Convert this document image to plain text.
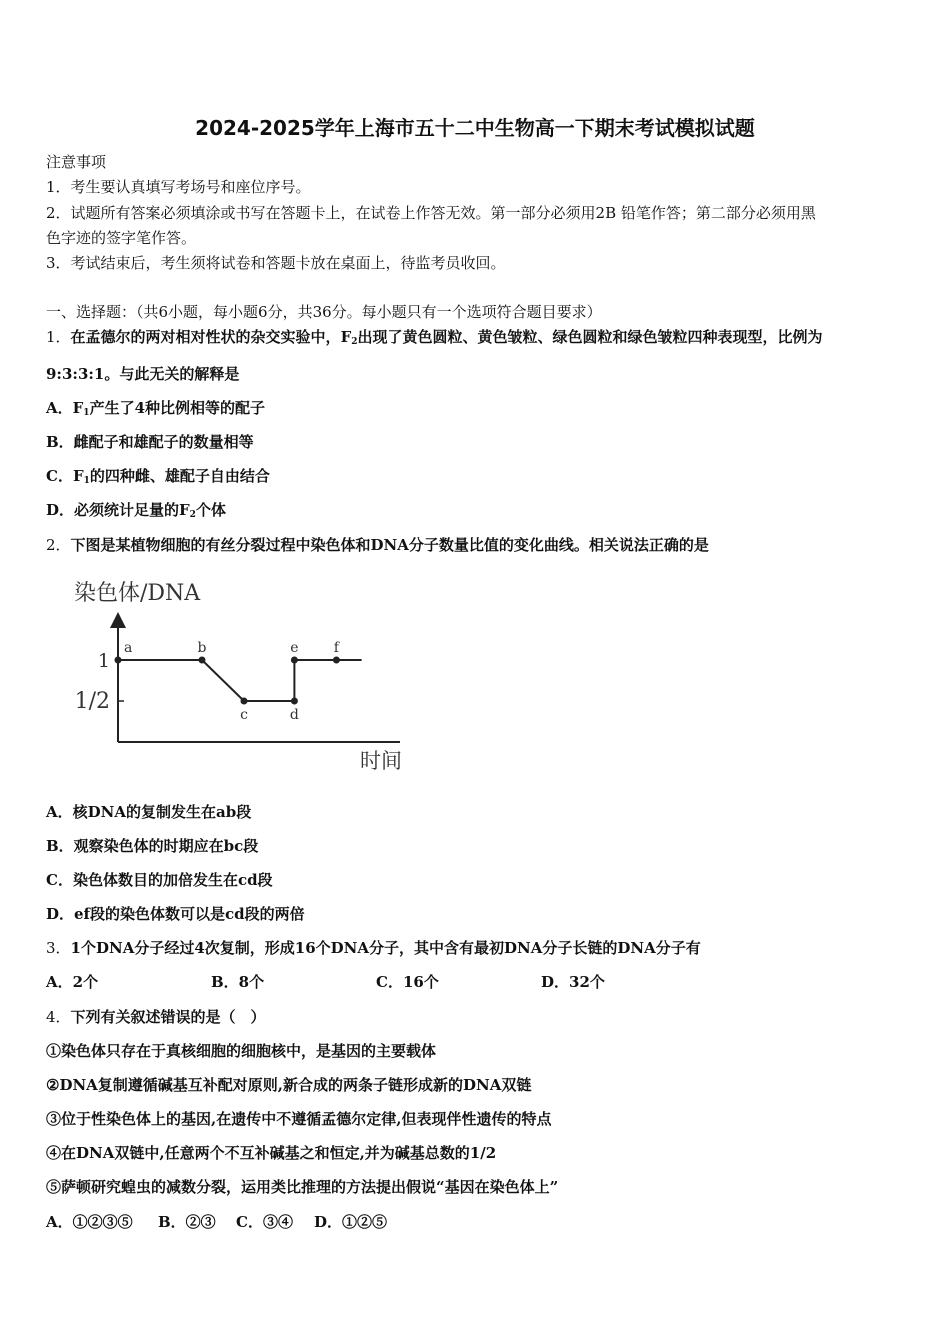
2024-2025学年上海市五十二中生物高一下期末考试模拟试题
注意事项
1．考生要认真填写考场号和座位序号。
2．试题所有答案必须填涂或书写在答题卡上，在试卷上作答无效。第一部分必须用2B 铅笔作答；第二部分必须用黑
色字迹的签字笔作答。
3．考试结束后，考生须将试卷和答题卡放在桌面上，待监考员收回。
一、选择题：（共6小题，每小题6分，共36分。每小题只有一个选项符合题目要求）
1．在孟德尔的两对相对性状的杂交实验中，$F_2$出现了黄色圆粒、黄色皱粒、绿色圆粒和绿色皱粒四种表现型，比例为
9:3:3:1。与此无关的解释是
A．$F_1$产生了4种比例相等的配子
B．雌配子和雄配子的数量相等
C．$F_1$的四种雌、雄配子自由结合
D．必须统计足量的$F_2$个体
2．下图是某植物细胞的有丝分裂过程中染色体和DNA分子数量比值的变化曲线。相关说法正确的是
染色体/DNA
时间
1
1/2
a	b
c	d
e	f
A．核DNA的复制发生在ab段
B．观察染色体的时期应在bc段
C．染色体数目的加倍发生在cd段
D．ef段的染色体数可以是cd段的两倍
3．1个DNA分子经过4次复制，形成16个DNA分子，其中含有最初DNA分子长链的DNA分子有
A．2个	B．8个	C．16个	D．32个
4．下列有关叙述错误的是（　）
①染色体只存在于真核细胞的细胞核中，是基因的主要载体
②DNA复制遵循碱基互补配对原则,新合成的两条子链形成新的DNA双链
③位于性染色体上的基因,在遗传中不遵循孟德尔定律,但表现伴性遗传的特点
④在DNA双链中,任意两个不互补碱基之和恒定,并为碱基总数的1/2
⑤萨顿研究蝗虫的减数分裂，运用类比推理的方法提出假说“基因在染色体上”
A．①②③⑤ B．②③ C．③④ D．①②⑤
